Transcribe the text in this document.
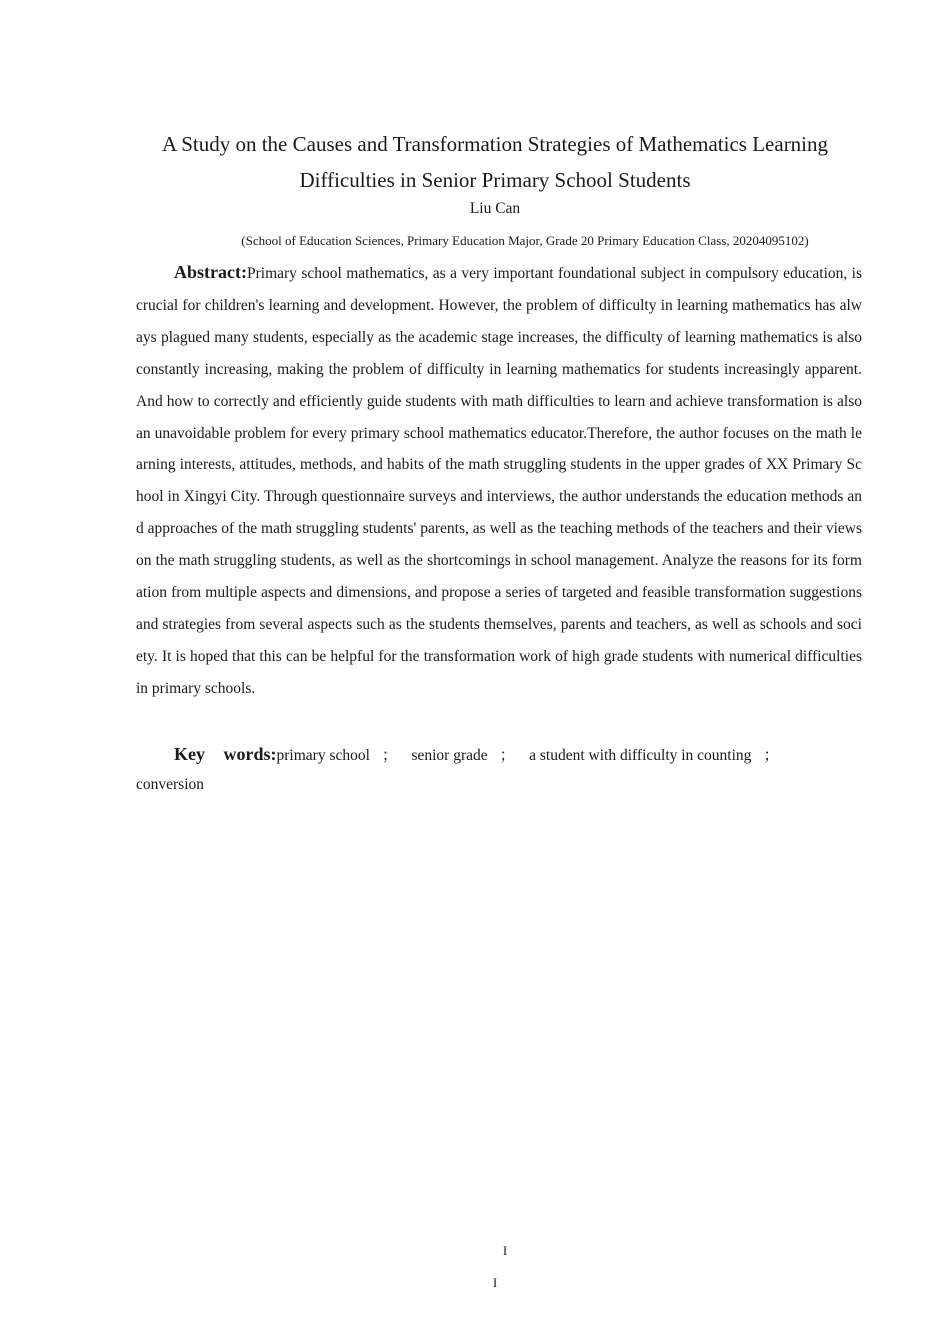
A Study on the Causes and Transformation Strategies of Mathematics Learning Difficulties in Senior Primary School Students

Liu Can

(School of Education Sciences, Primary Education Major, Grade 20 Primary Education Class, 20204095102)

Abstract:Primary school mathematics, as a very important foundational subject in compulsory education, is crucial for children's learning and development. However, the problem of difficulty in learning mathematics has always plagued many students, especially as the academic stage increases, the difficulty of learning mathematics is also constantly increasing, making the problem of difficulty in learning mathematics for students increasingly apparent. And how to correctly and efficiently guide students with math difficulties to learn and achieve transformation is also an unavoidable problem for every primary school mathematics educator.Therefore, the author focuses on the math learning interests, attitudes, methods, and habits of the math struggling students in the upper grades of XX Primary School in Xingyi City. Through questionnaire surveys and interviews, the author understands the education methods and approaches of the math struggling students' parents, as well as the teaching methods of the teachers and their views on the math struggling students, as well as the shortcomings in school management. Analyze the reasons for its formation from multiple aspects and dimensions, and propose a series of targeted and feasible transformation suggestions and strategies from several aspects such as the students themselves, parents and teachers, as well as schools and society. It is hoped that this can be helpful for the transformation work of high grade students with numerical difficulties in primary schools.

Key words:primary school ； senior grade ； a student with difficulty in counting ；conversion

I
I
